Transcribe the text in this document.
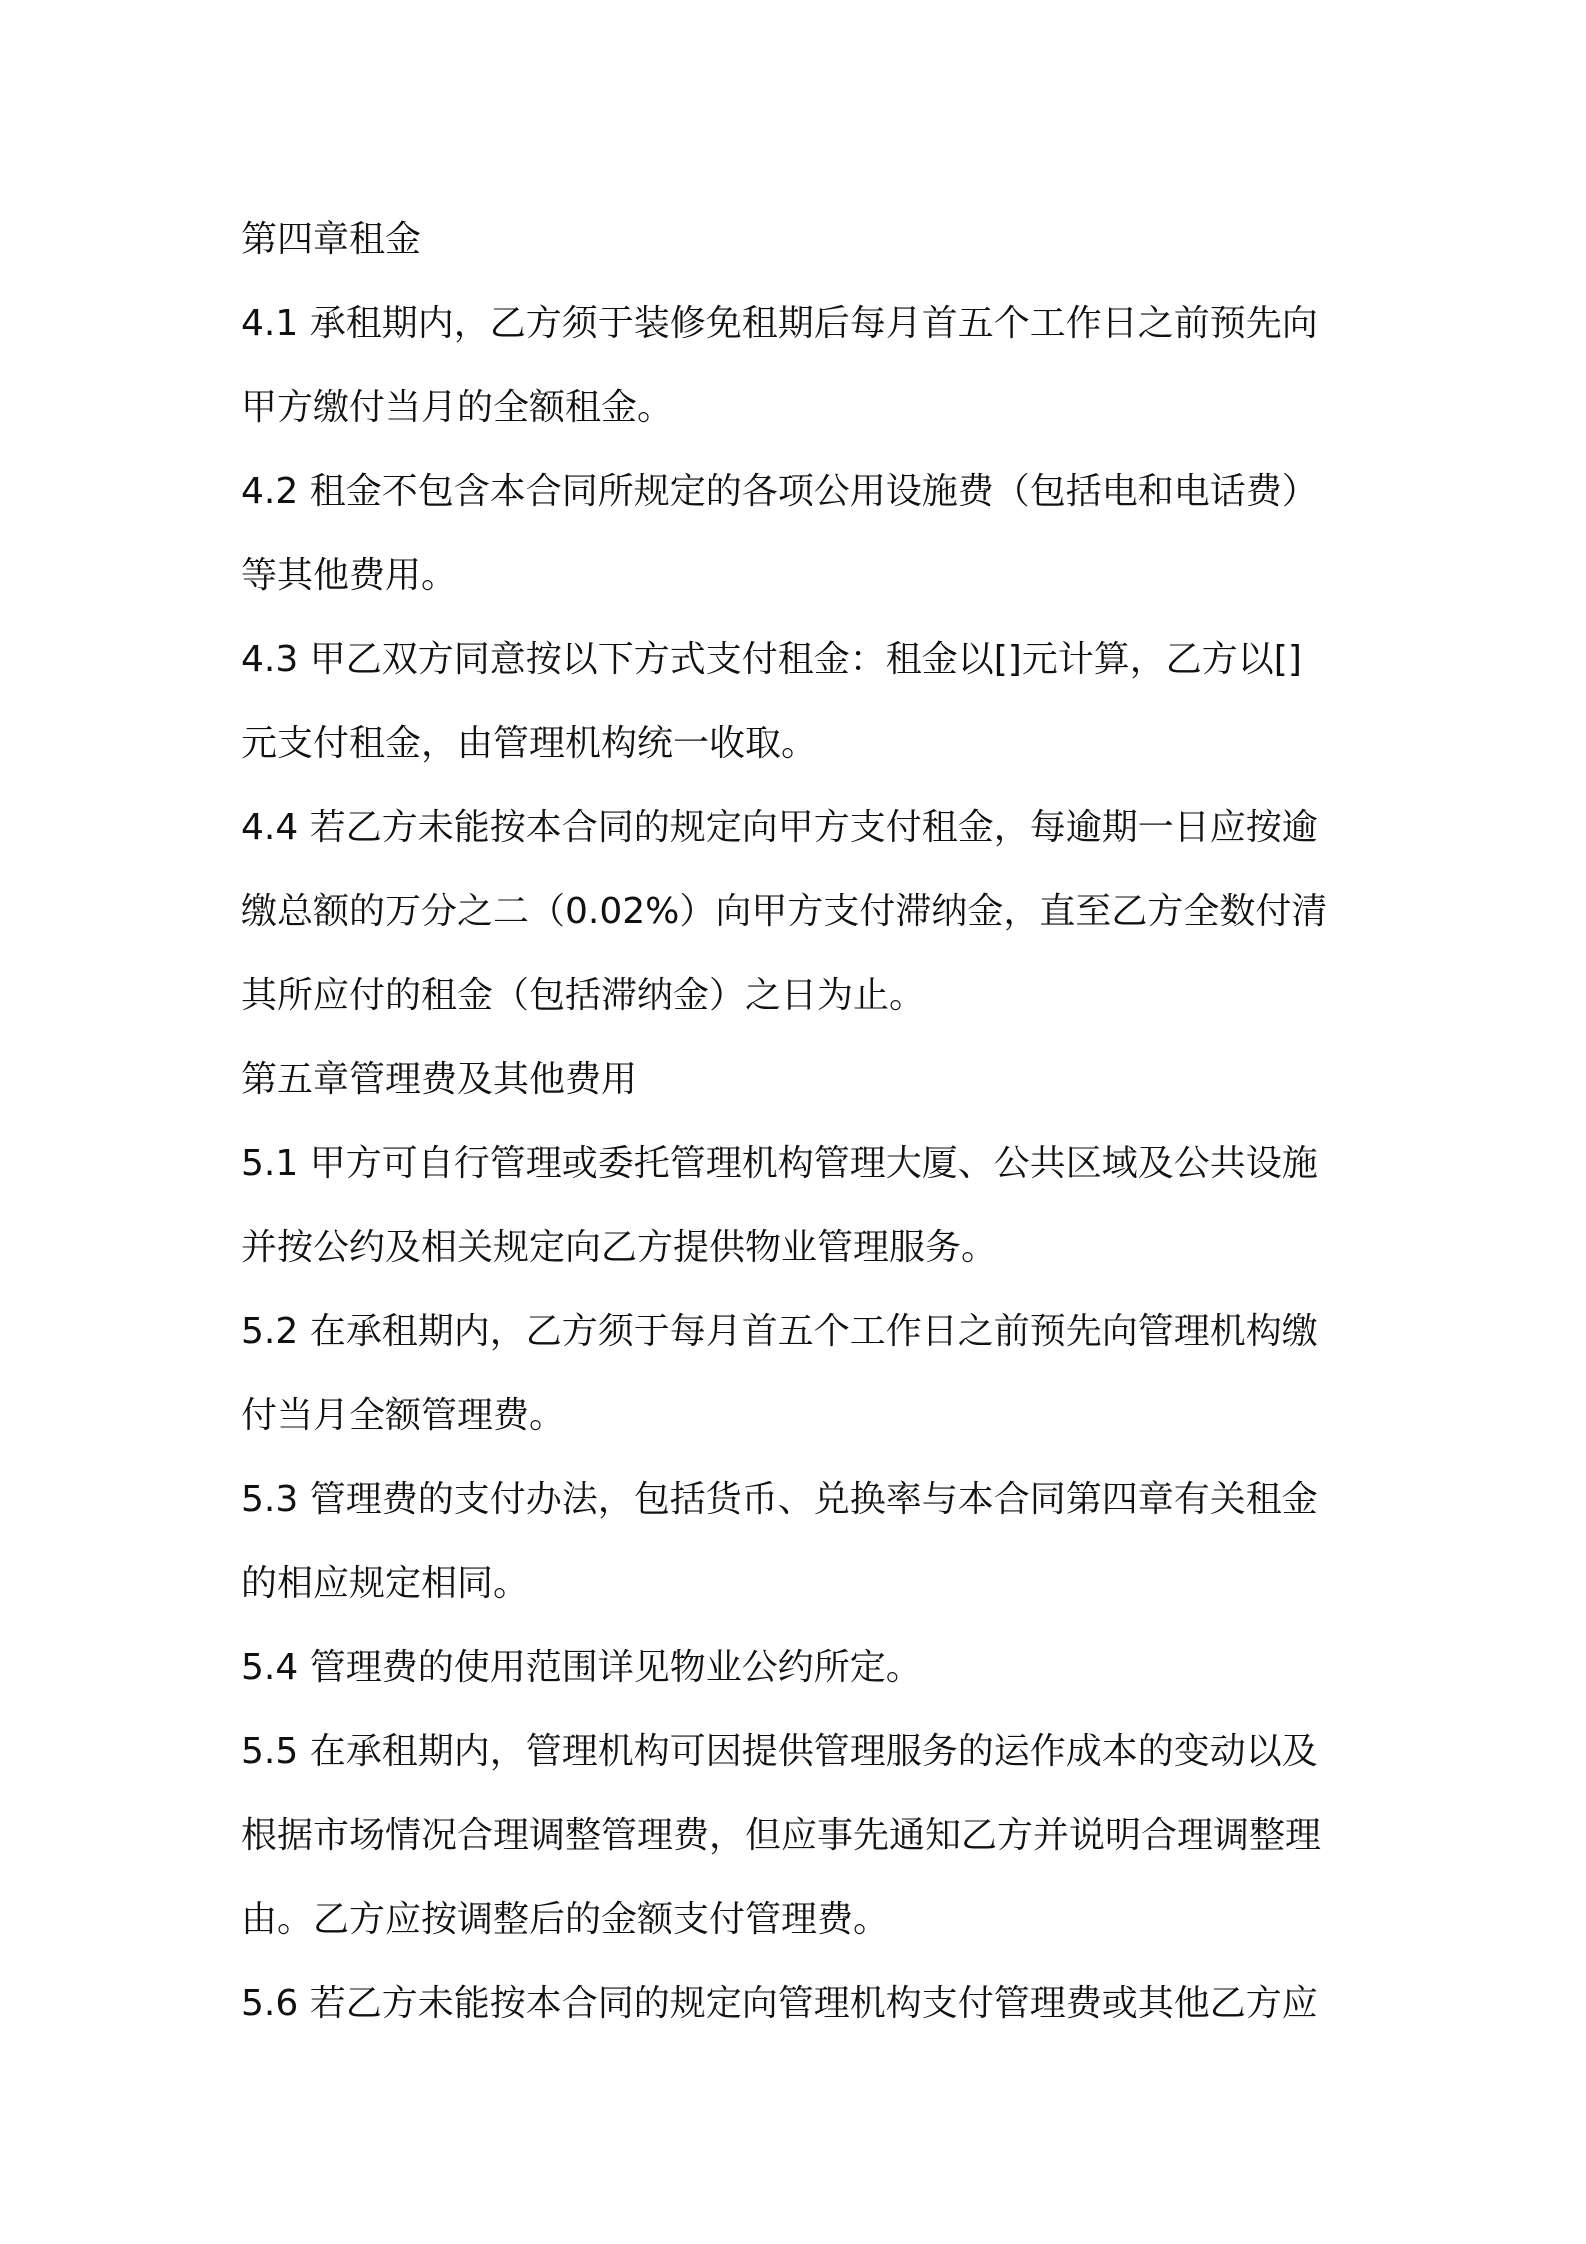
第四章租金
4.1 承租期内，乙方须于装修免租期后每月首五个工作日之前预先向
甲方缴付当月的全额租金。
4.2 租金不包含本合同所规定的各项公用设施费（包括电和电话费）
等其他费用。
4.3 甲乙双方同意按以下方式支付租金：租金以[]元计算，乙方以[]
元支付租金，由管理机构统一收取。
4.4 若乙方未能按本合同的规定向甲方支付租金，每逾期一日应按逾
缴总额的万分之二（0.02%）向甲方支付滞纳金，直至乙方全数付清
其所应付的租金（包括滞纳金）之日为止。
第五章管理费及其他费用
5.1 甲方可自行管理或委托管理机构管理大厦、公共区域及公共设施
并按公约及相关规定向乙方提供物业管理服务。
5.2 在承租期内，乙方须于每月首五个工作日之前预先向管理机构缴
付当月全额管理费。
5.3 管理费的支付办法，包括货币、兑换率与本合同第四章有关租金
的相应规定相同。
5.4 管理费的使用范围详见物业公约所定。
5.5 在承租期内，管理机构可因提供管理服务的运作成本的变动以及
根据市场情况合理调整管理费，但应事先通知乙方并说明合理调整理
由。乙方应按调整后的金额支付管理费。
5.6 若乙方未能按本合同的规定向管理机构支付管理费或其他乙方应
